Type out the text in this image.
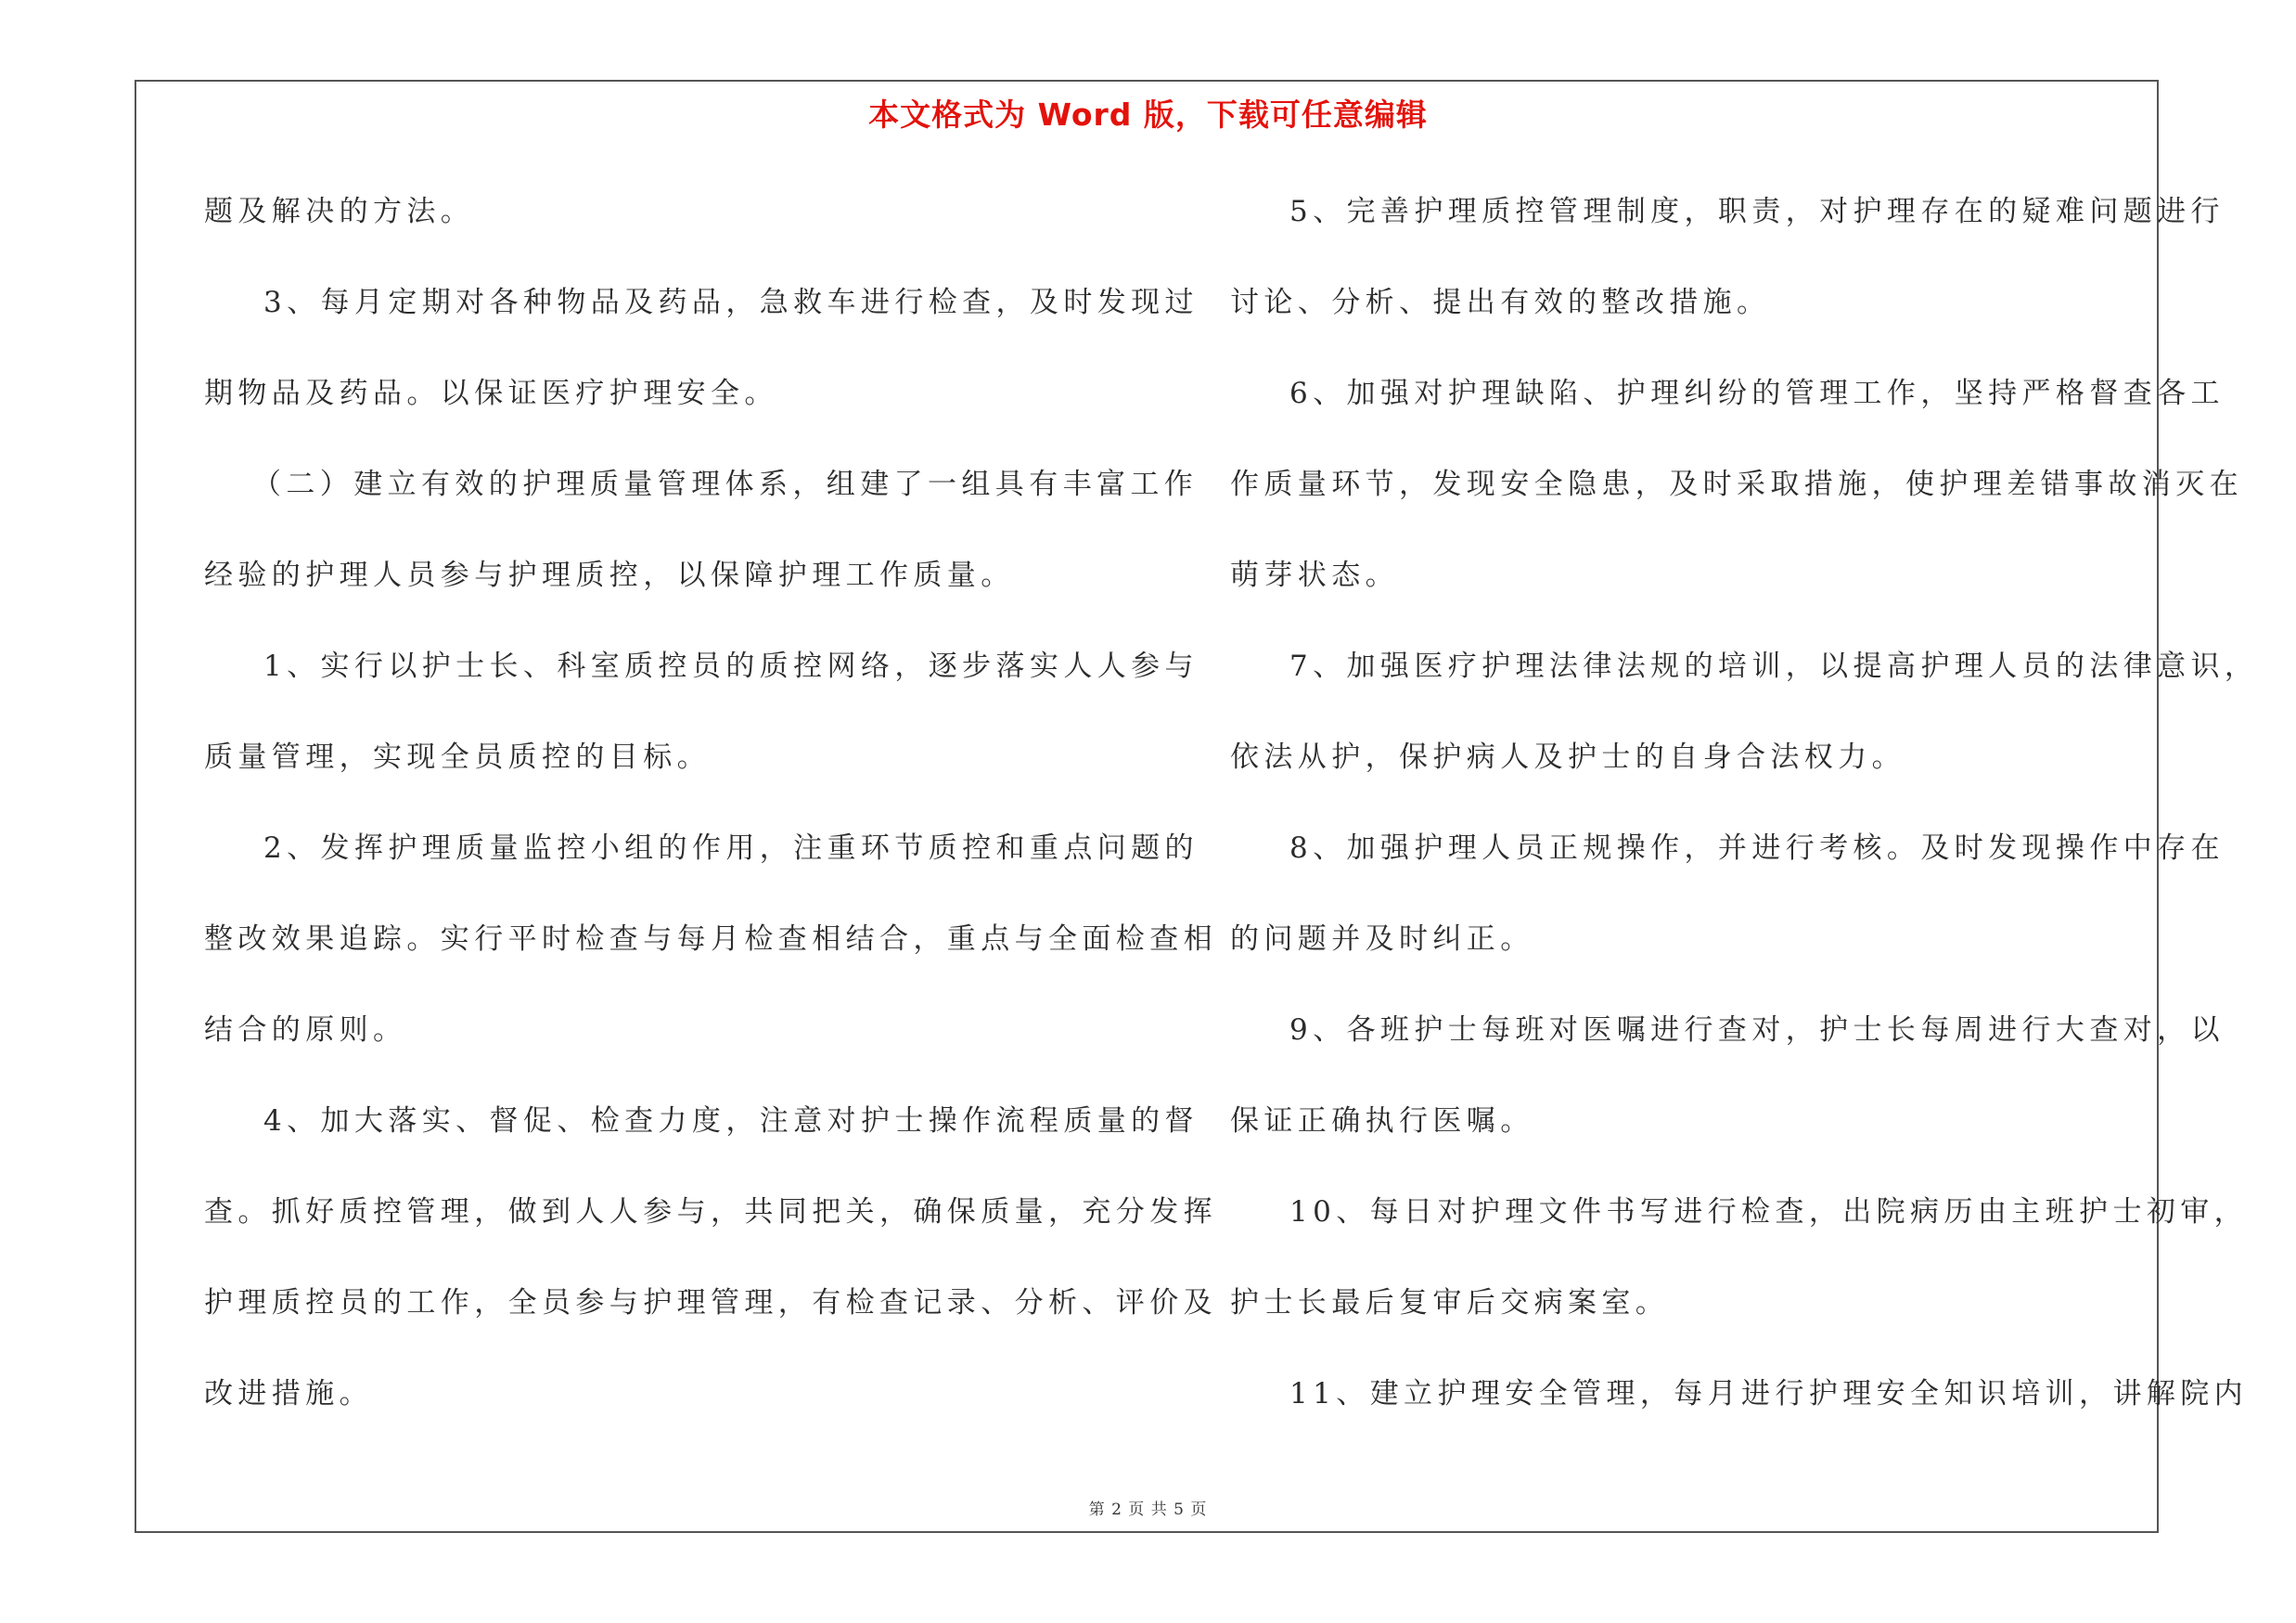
本文格式为 Word 版，下载可任意编辑
题及解决的方法。
3、每月定期对各种物品及药品，急救车进行检查，及时发现过
期物品及药品。以保证医疗护理安全。
（二）建立有效的护理质量管理体系，组建了一组具有丰富工作
经验的护理人员参与护理质控，以保障护理工作质量。
1、实行以护士长、科室质控员的质控网络，逐步落实人人参与
质量管理，实现全员质控的目标。
2、发挥护理质量监控小组的作用，注重环节质控和重点问题的
整改效果追踪。实行平时检查与每月检查相结合，重点与全面检查相
结合的原则。
4、加大落实、督促、检查力度，注意对护士操作流程质量的督
查。抓好质控管理，做到人人参与，共同把关，确保质量，充分发挥
护理质控员的工作，全员参与护理管理，有检查记录、分析、评价及
改进措施。
5、完善护理质控管理制度，职责，对护理存在的疑难问题进行
讨论、分析、提出有效的整改措施。
6、加强对护理缺陷、护理纠纷的管理工作，坚持严格督查各工
作质量环节，发现安全隐患，及时采取措施，使护理差错事故消灭在
萌芽状态。
7、加强医疗护理法律法规的培训，以提高护理人员的法律意识，
依法从护，保护病人及护士的自身合法权力。
8、加强护理人员正规操作，并进行考核。及时发现操作中存在
的问题并及时纠正。
9、各班护士每班对医嘱进行查对，护士长每周进行大查对，以
保证正确执行医嘱。
10、每日对护理文件书写进行检查，出院病历由主班护士初审，
护士长最后复审后交病案室。
11、建立护理安全管理，每月进行护理安全知识培训，讲解院内
第 2 页 共 5 页
